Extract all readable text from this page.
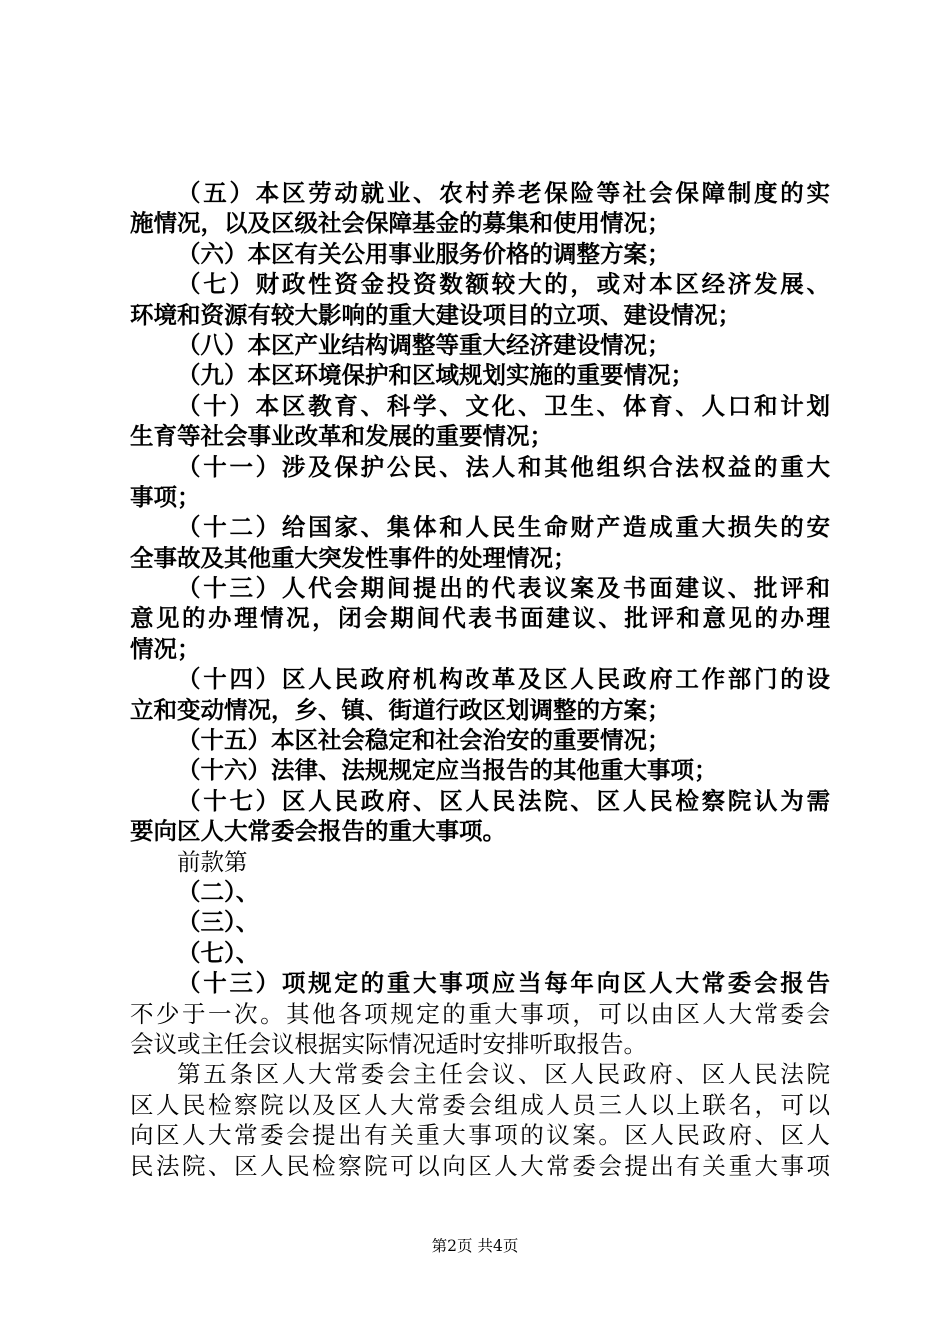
（五）本区劳动就业、农村养老保险等社会保障制度的实
施情况，以及区级社会保障基金的募集和使用情况；
（六）本区有关公用事业服务价格的调整方案；
（七）财政性资金投资数额较大的，或对本区经济发展、
环境和资源有较大影响的重大建设项目的立项、建设情况；
（八）本区产业结构调整等重大经济建设情况；
（九）本区环境保护和区域规划实施的重要情况；
（十）本区教育、科学、文化、卫生、体育、人口和计划
生育等社会事业改革和发展的重要情况；
（十一）涉及保护公民、法人和其他组织合法权益的重大
事项；
（十二）给国家、集体和人民生命财产造成重大损失的安
全事故及其他重大突发性事件的处理情况；
（十三）人代会期间提出的代表议案及书面建议、批评和
意见的办理情况，闭会期间代表书面建议、批评和意见的办理
情况；
（十四）区人民政府机构改革及区人民政府工作部门的设
立和变动情况，乡、镇、街道行政区划调整的方案；
（十五）本区社会稳定和社会治安的重要情况；
（十六）法律、法规规定应当报告的其他重大事项；
（十七）区人民政府、区人民法院、区人民检察院认为需
要向区人大常委会报告的重大事项。
前款第
（二）、
（三）、
（七）、
（十三）项规定的重大事项应当每年向区人大常委会报告
不少于一次。其他各项规定的重大事项，可以由区人大常委会
会议或主任会议根据实际情况适时安排听取报告。
第五条区人大常委会主任会议、区人民政府、区人民法院
区人民检察院以及区人大常委会组成人员三人以上联名，可以
向区人大常委会提出有关重大事项的议案。区人民政府、区人
民法院、区人民检察院可以向区人大常委会提出有关重大事项
第2页 共4页
